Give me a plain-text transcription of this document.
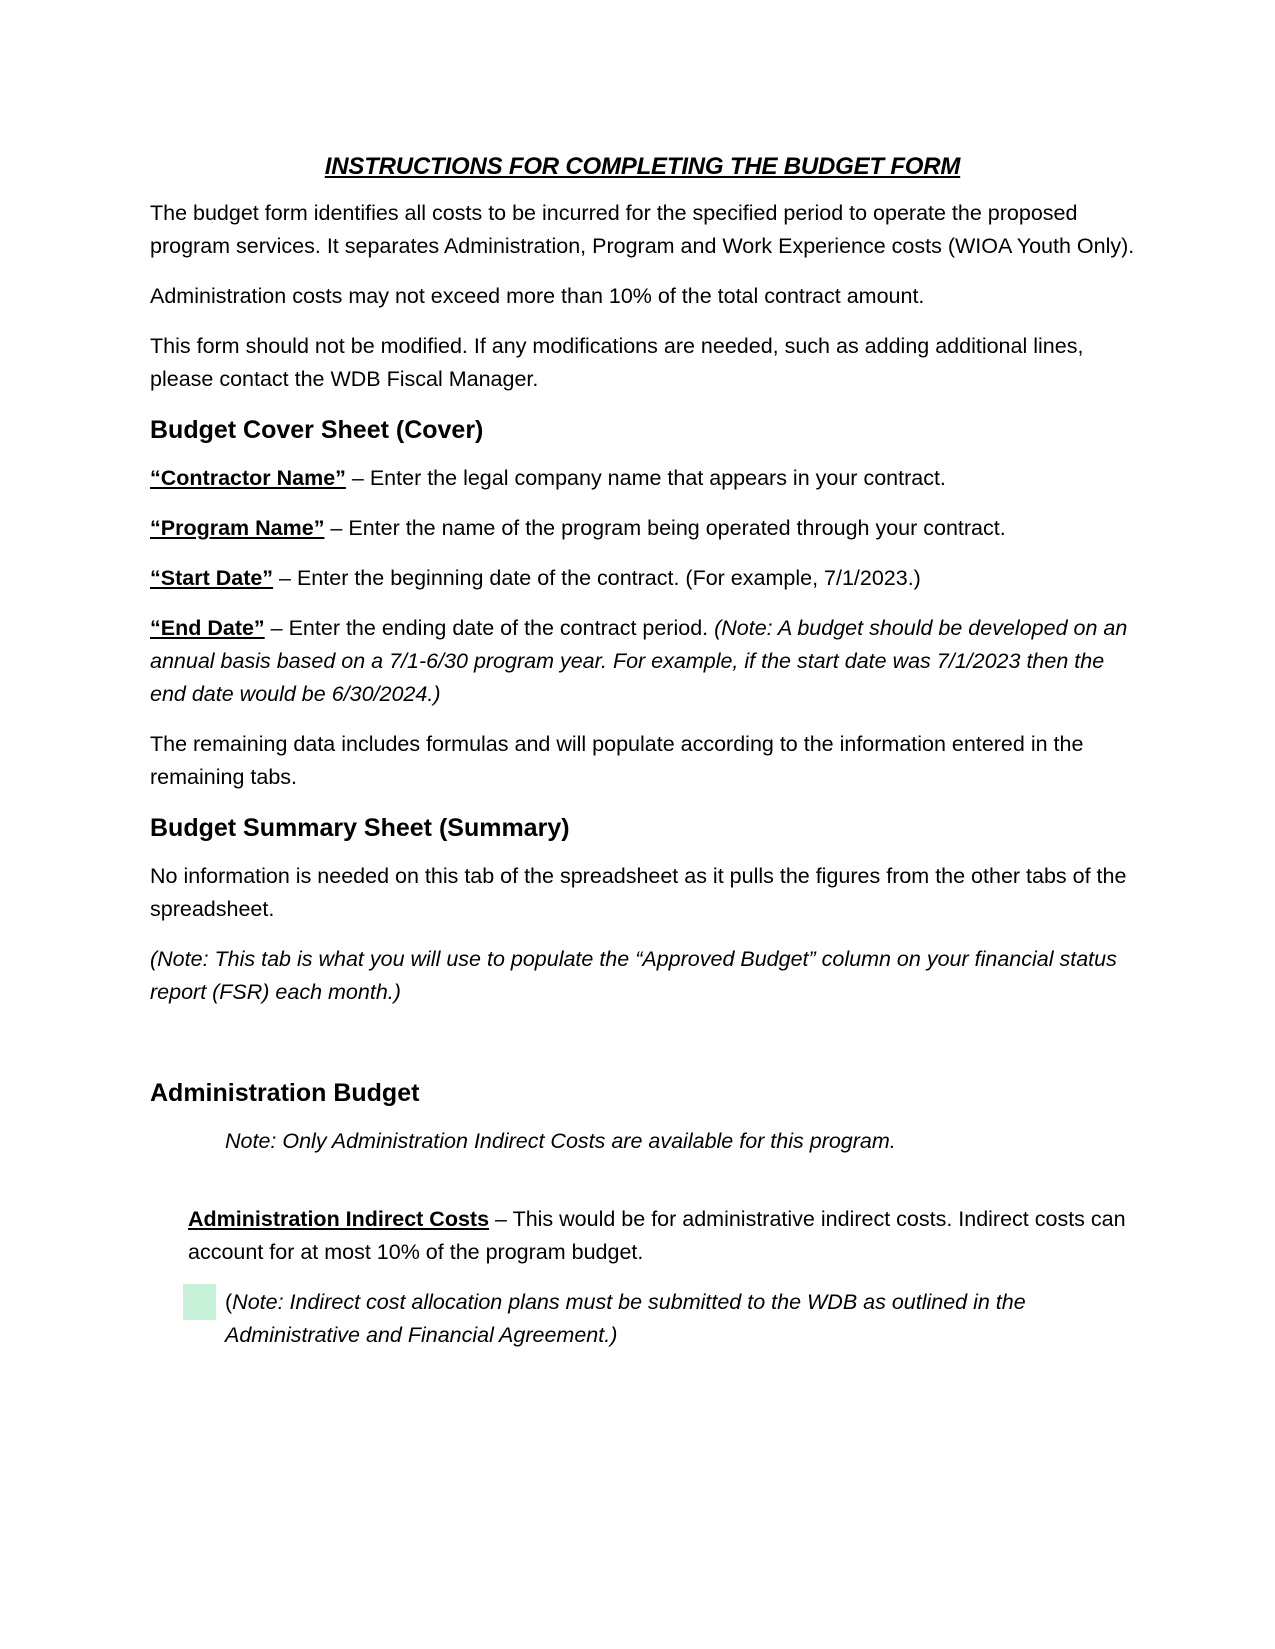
INSTRUCTIONS FOR COMPLETING THE BUDGET FORM

The budget form identifies all costs to be incurred for the specified period to operate the proposed program services. It separates Administration, Program and Work Experience costs (WIOA Youth Only).

Administration costs may not exceed more than 10% of the total contract amount.

This form should not be modified. If any modifications are needed, such as adding additional lines, please contact the WDB Fiscal Manager.

Budget Cover Sheet (Cover)

“Contractor Name” – Enter the legal company name that appears in your contract.

“Program Name” – Enter the name of the program being operated through your contract.

“Start Date” – Enter the beginning date of the contract. (For example, 7/1/2023.)

“End Date” – Enter the ending date of the contract period. (Note: A budget should be developed on an annual basis based on a 7/1-6/30 program year. For example, if the start date was 7/1/2023 then the end date would be 6/30/2024.)

The remaining data includes formulas and will populate according to the information entered in the remaining tabs.

Budget Summary Sheet (Summary)

No information is needed on this tab of the spreadsheet as it pulls the figures from the other tabs of the spreadsheet.

(Note: This tab is what you will use to populate the “Approved Budget” column on your financial status report (FSR) each month.)

Administration Budget

Note: Only Administration Indirect Costs are available for this program.

Administration Indirect Costs – This would be for administrative indirect costs. Indirect costs can account for at most 10% of the program budget.

(Note: Indirect cost allocation plans must be submitted to the WDB as outlined in the Administrative and Financial Agreement.)
